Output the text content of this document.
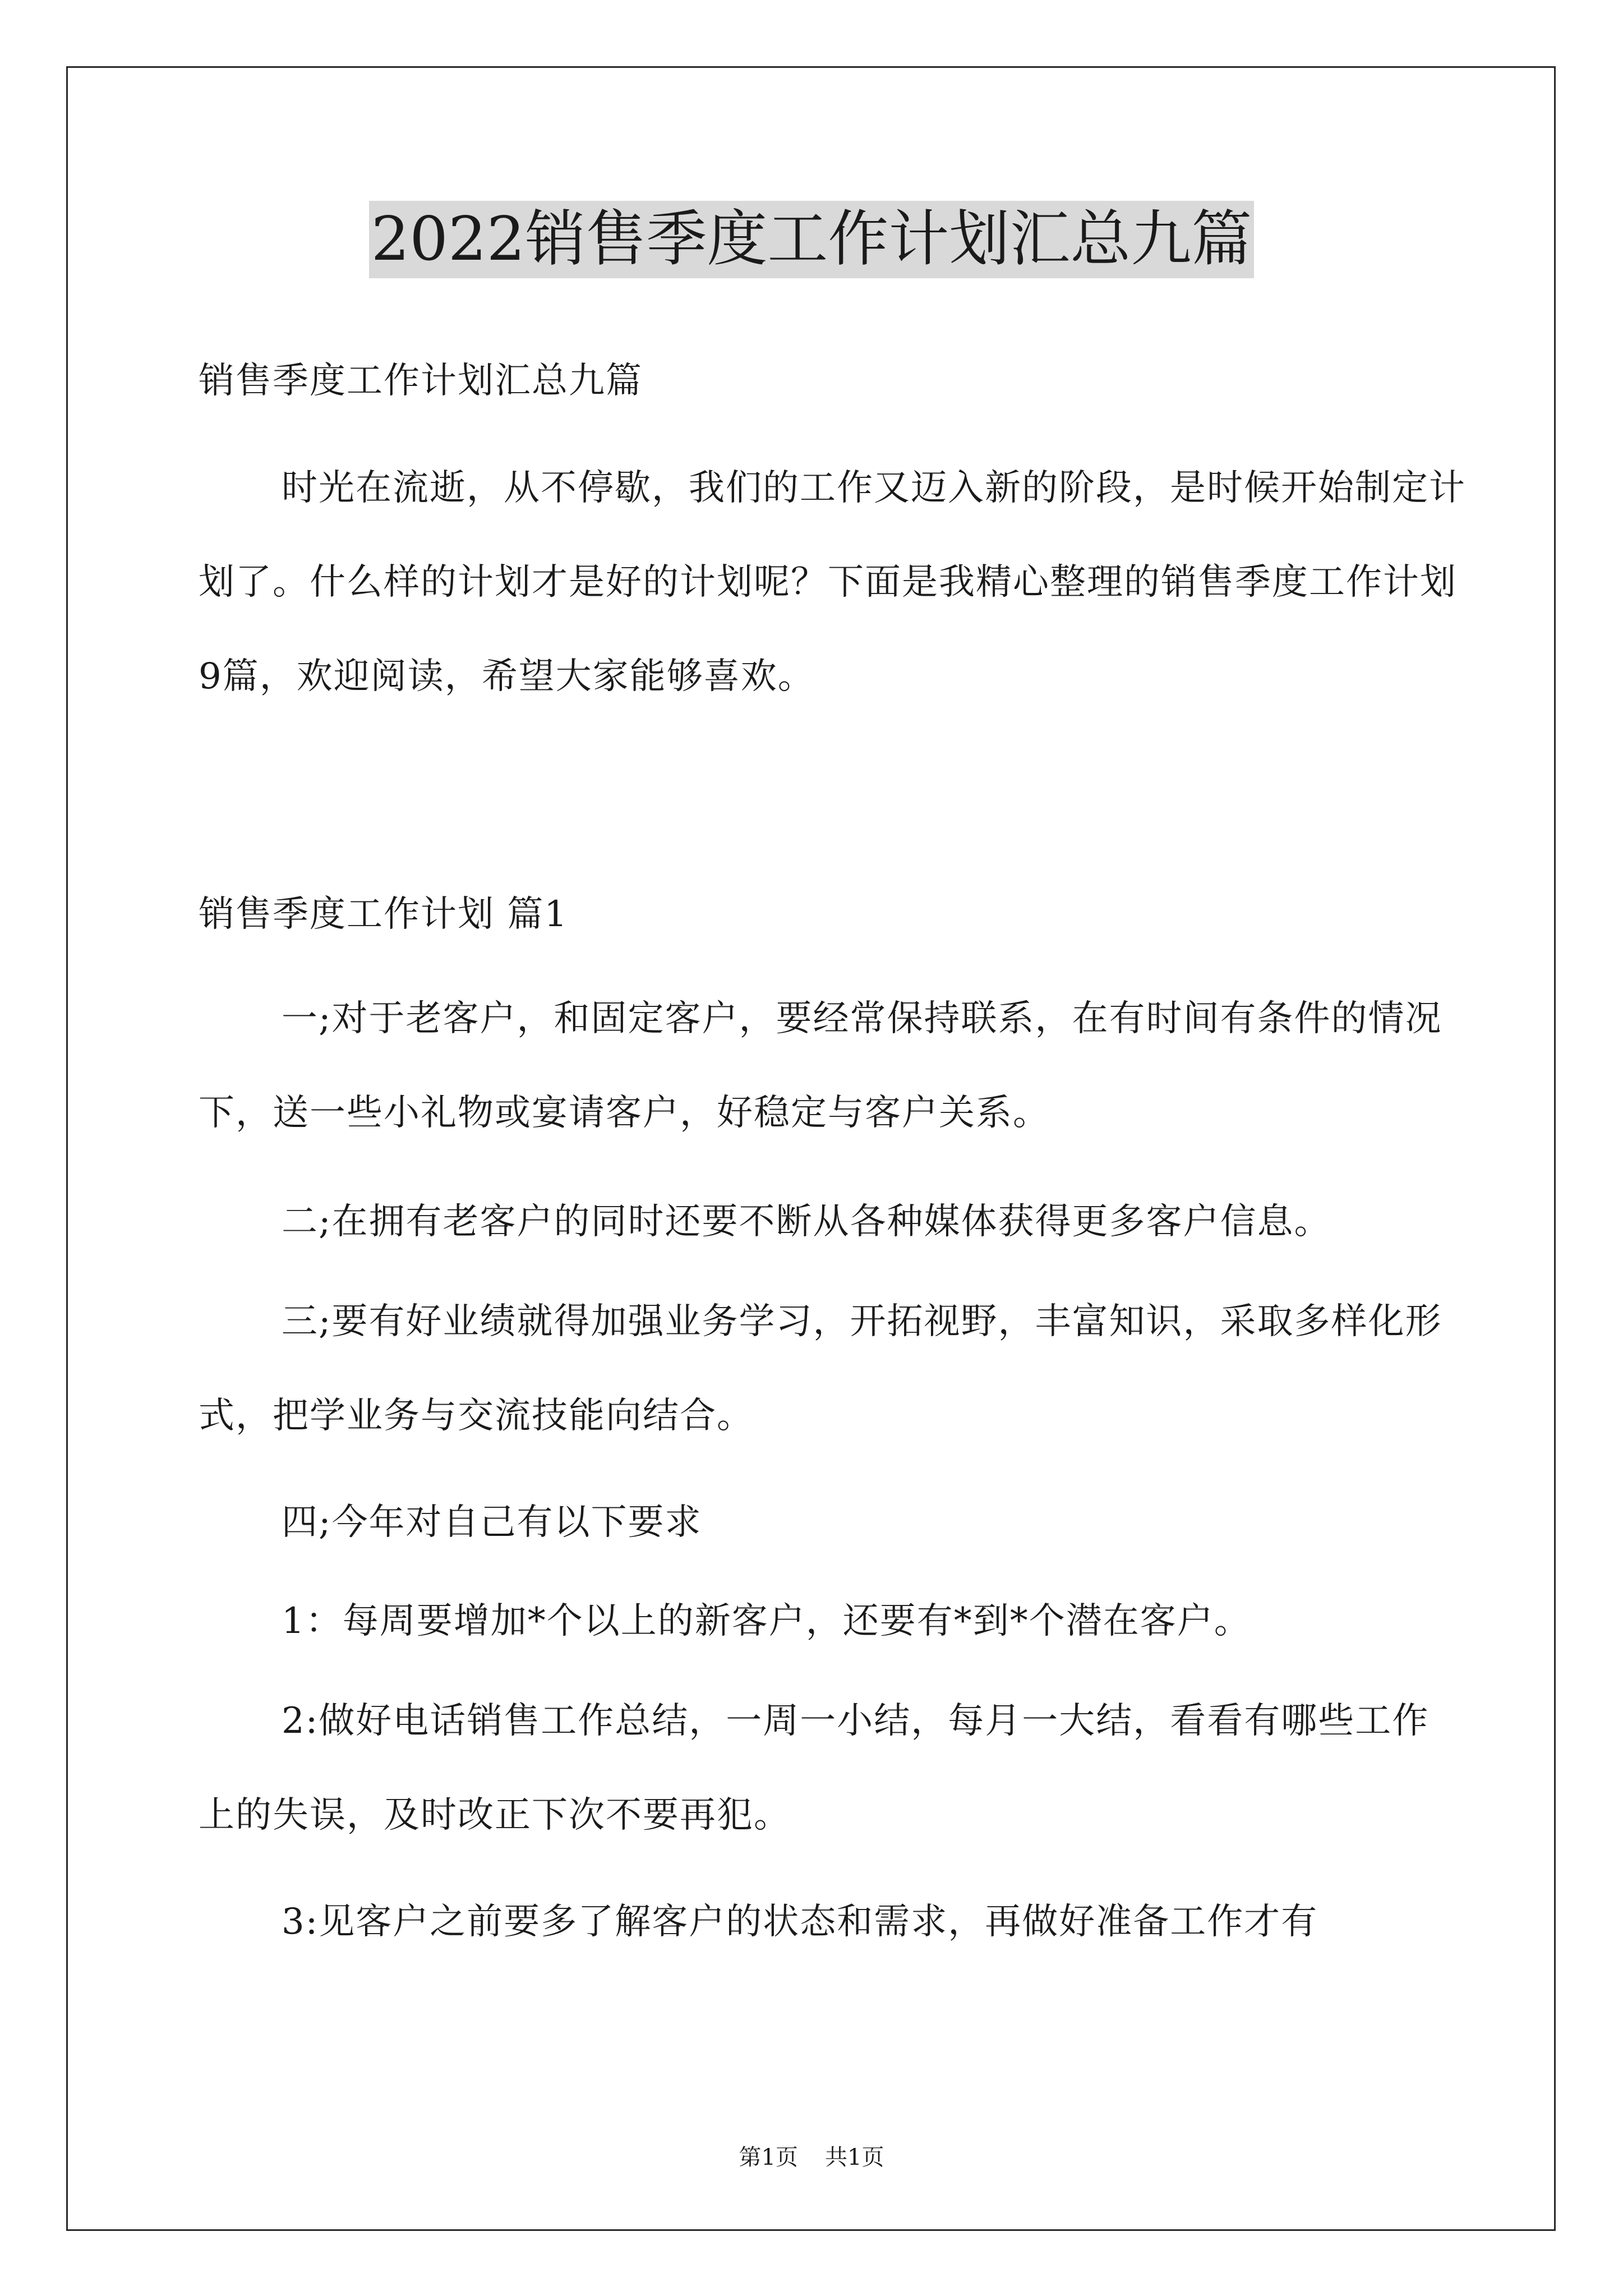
2022销售季度工作计划汇总九篇

销售季度工作计划汇总九篇

时光在流逝，从不停歇，我们的工作又迈入新的阶段，是时候开始制定计划了。什么样的计划才是好的计划呢？下面是我精心整理的销售季度工作计划9篇，欢迎阅读，希望大家能够喜欢。

销售季度工作计划 篇1

一;对于老客户，和固定客户，要经常保持联系，在有时间有条件的情况下，送一些小礼物或宴请客户，好稳定与客户关系。

二;在拥有老客户的同时还要不断从各种媒体获得更多客户信息。

三;要有好业绩就得加强业务学习，开拓视野，丰富知识，采取多样化形式，把学业务与交流技能向结合。

四;今年对自己有以下要求

1：每周要增加*个以上的新客户，还要有*到*个潜在客户。

2:做好电话销售工作总结，一周一小结，每月一大结，看看有哪些工作上的失误，及时改正下次不要再犯。

3:见客户之前要多了解客户的状态和需求，再做好准备工作才有

第1页 共1页
